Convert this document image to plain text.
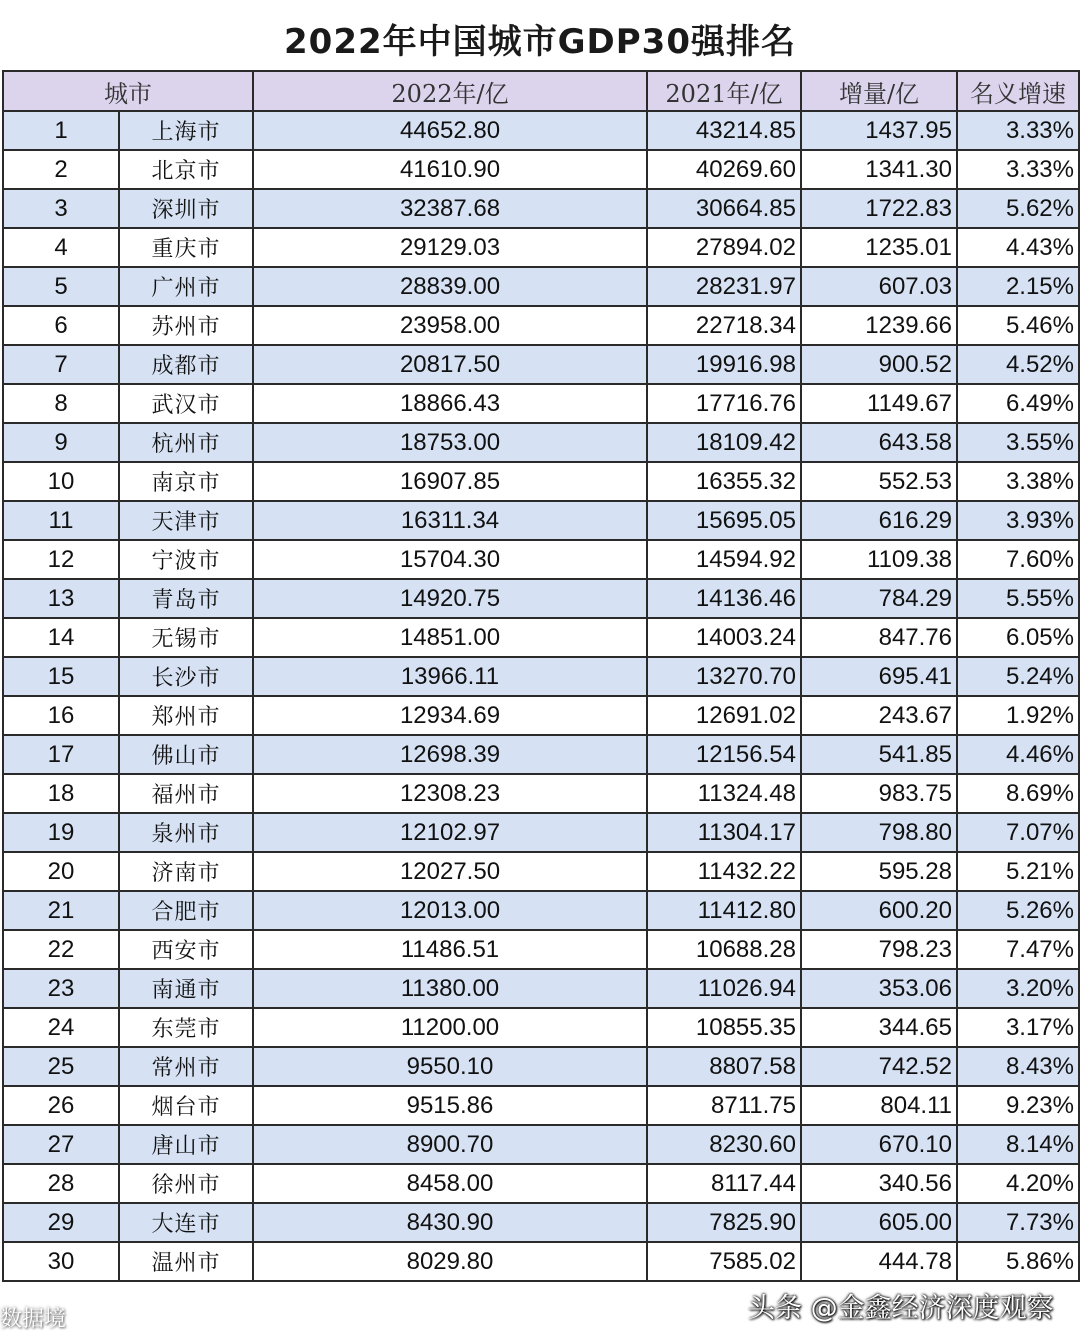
2022年中国城市GDP30强排名
城市		2022年/亿	2021年/亿	增量/亿	名义增速
1	上海市	44652.80	43214.85	1437.95	3.33%
2	北京市	41610.90	40269.60	1341.30	3.33%
3	深圳市	32387.68	30664.85	1722.83	5.62%
4	重庆市	29129.03	27894.02	1235.01	4.43%
5	广州市	28839.00	28231.97	607.03	2.15%
6	苏州市	23958.00	22718.34	1239.66	5.46%
7	成都市	20817.50	19916.98	900.52	4.52%
8	武汉市	18866.43	17716.76	1149.67	6.49%
9	杭州市	18753.00	18109.42	643.58	3.55%
10	南京市	16907.85	16355.32	552.53	3.38%
11	天津市	16311.34	15695.05	616.29	3.93%
12	宁波市	15704.30	14594.92	1109.38	7.60%
13	青岛市	14920.75	14136.46	784.29	5.55%
14	无锡市	14851.00	14003.24	847.76	6.05%
15	长沙市	13966.11	13270.70	695.41	5.24%
16	郑州市	12934.69	12691.02	243.67	1.92%
17	佛山市	12698.39	12156.54	541.85	4.46%
18	福州市	12308.23	11324.48	983.75	8.69%
19	泉州市	12102.97	11304.17	798.80	7.07%
20	济南市	12027.50	11432.22	595.28	5.21%
21	合肥市	12013.00	11412.80	600.20	5.26%
22	西安市	11486.51	10688.28	798.23	7.47%
23	南通市	11380.00	11026.94	353.06	3.20%
24	东莞市	11200.00	10855.35	344.65	3.17%
25	常州市	9550.10	8807.58	742.52	8.43%
26	烟台市	9515.86	8711.75	804.11	9.23%
27	唐山市	8900.70	8230.60	670.10	8.14%
28	徐州市	8458.00	8117.44	340.56	4.20%
29	大连市	8430.90	7825.90	605.00	7.73%
30	温州市	8029.80	7585.02	444.78	5.86%
数据境	头条 @金鑫经济深度观察
